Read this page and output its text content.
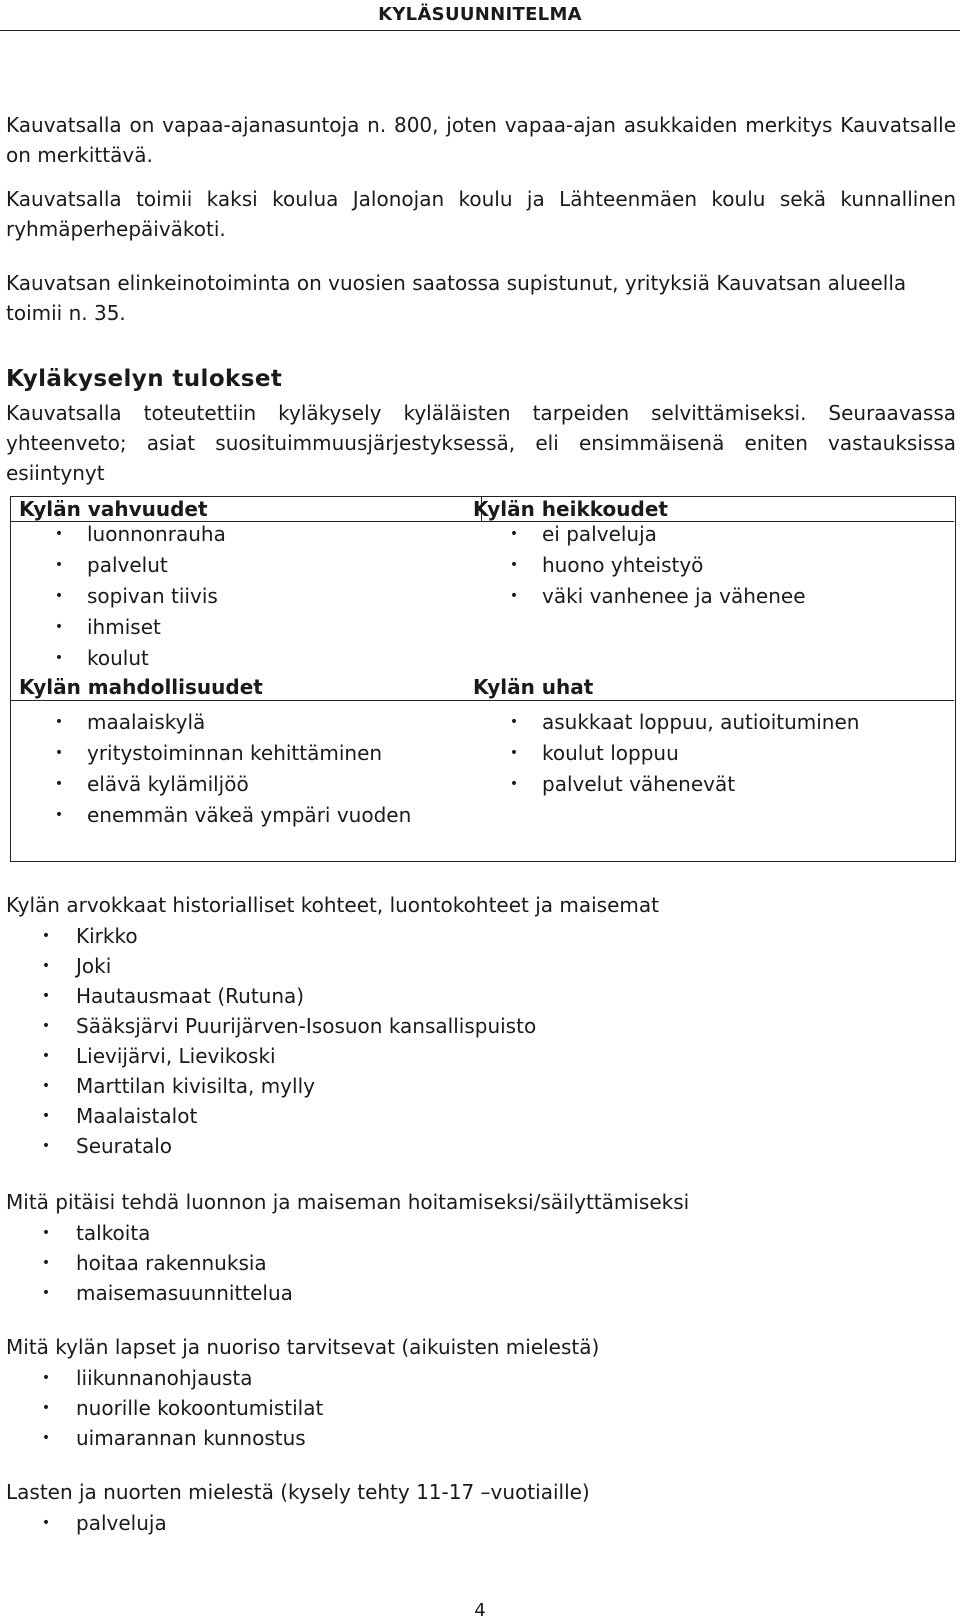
KYLÄSUUNNITELMA

Kauvatsalla on vapaa-ajanasuntoja n. 800, joten vapaa-ajan asukkaiden merkitys Kauvatsalle on merkittävä.

Kauvatsalla toimii kaksi koulua Jalonojan koulu ja Lähteenmäen koulu sekä kunnallinen ryhmäperhepäiväkoti.

Kauvatsan elinkeinotoiminta on vuosien saatossa supistunut, yrityksiä Kauvatsan alueella toimii n. 35.

Kyläkyselyn tulokset

Kauvatsalla toteutettiin kyläkysely kyläläisten tarpeiden selvittämiseksi. Seuraavassa yhteenveto; asiat suosituimmuusjärjestyksessä, eli ensimmäisenä eniten vastauksissa esiintynyt

Kylän vahvuudet	Kylän heikkoudet
• luonnonrauha
• palvelut
• sopivan tiivis
• ihmiset
• koulut
• ei palveluja
• huono yhteistyö
• väki vanhenee ja vähenee
Kylän mahdollisuudet	Kylän uhat
• maalaiskylä
• yritystoiminnan kehittäminen
• elävä kylämiljöö
• enemmän väkeä ympäri vuoden
• asukkaat loppuu, autioituminen
• koulut loppuu
• palvelut vähenevät

Kylän arvokkaat historialliset kohteet, luontokohteet ja maisemat

• Kirkko
• Joki
• Hautausmaat (Rutuna)
• Sääksjärvi Puurijärven-Isosuon kansallispuisto
• Lievijärvi, Lievikoski
• Marttilan kivisilta, mylly
• Maalaistalot
• Seuratalo

Mitä pitäisi tehdä luonnon ja maiseman hoitamiseksi/säilyttämiseksi

• talkoita
• hoitaa rakennuksia
• maisemasuunnittelua

Mitä kylän lapset ja nuoriso tarvitsevat (aikuisten mielestä)

• liikunnanohjausta
• nuorille kokoontumistilat
• uimarannan kunnostus

Lasten ja nuorten mielestä (kysely tehty 11-17 –vuotiaille)

• palveluja
4
